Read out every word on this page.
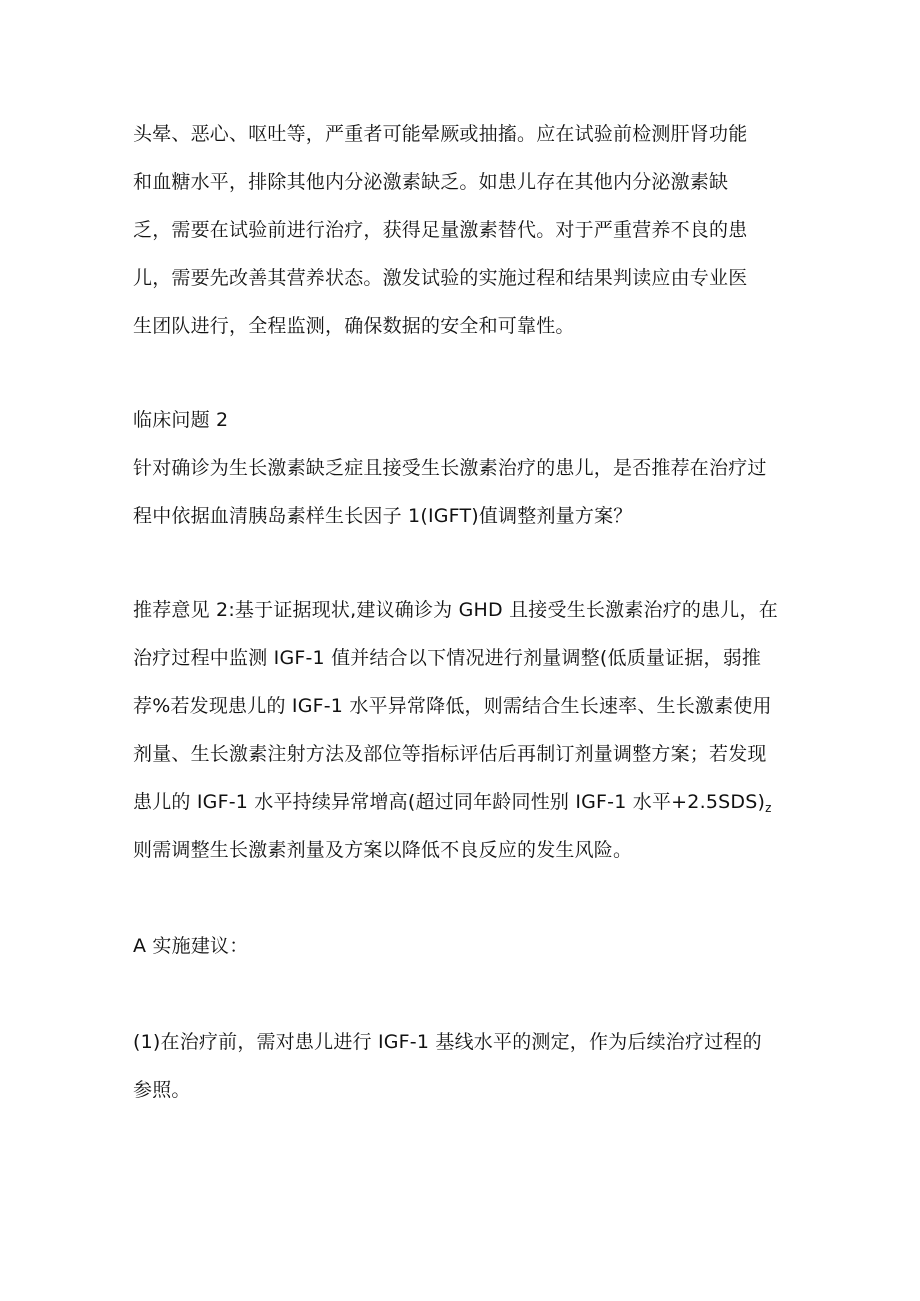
头晕、恶心、呕吐等，严重者可能晕厥或抽搐。应在试验前检测肝肾功能
和血糖水平，排除其他内分泌激素缺乏。如患儿存在其他内分泌激素缺
乏，需要在试验前进行治疗，获得足量激素替代。对于严重营养不良的患
儿，需要先改善其营养状态。激发试验的实施过程和结果判读应由专业医
生团队进行，全程监测，确保数据的安全和可靠性。
临床问题 2
针对确诊为生长激素缺乏症且接受生长激素治疗的患儿，是否推荐在治疗过
程中依据血清胰岛素样生长因子 1(IGFT)值调整剂量方案？
推荐意见 2:基于证据现状,建议确诊为 GHD 且接受生长激素治疗的患儿，在
治疗过程中监测 IGF-1 值并结合以下情况进行剂量调整(低质量证据，弱推
荐%若发现患儿的 IGF-1 水平异常降低，则需结合生长速率、生长激素使用
剂量、生长激素注射方法及部位等指标评估后再制订剂量调整方案；若发现
患儿的 IGF-1 水平持续异常增高(超过同年龄同性别 IGF-1 水平$+2.5SDS)_z$
则需调整生长激素剂量及方案以降低不良反应的发生风险。
A 实施建议：
(1)在治疗前，需对患儿进行 IGF-1 基线水平的测定，作为后续治疗过程的
参照。
